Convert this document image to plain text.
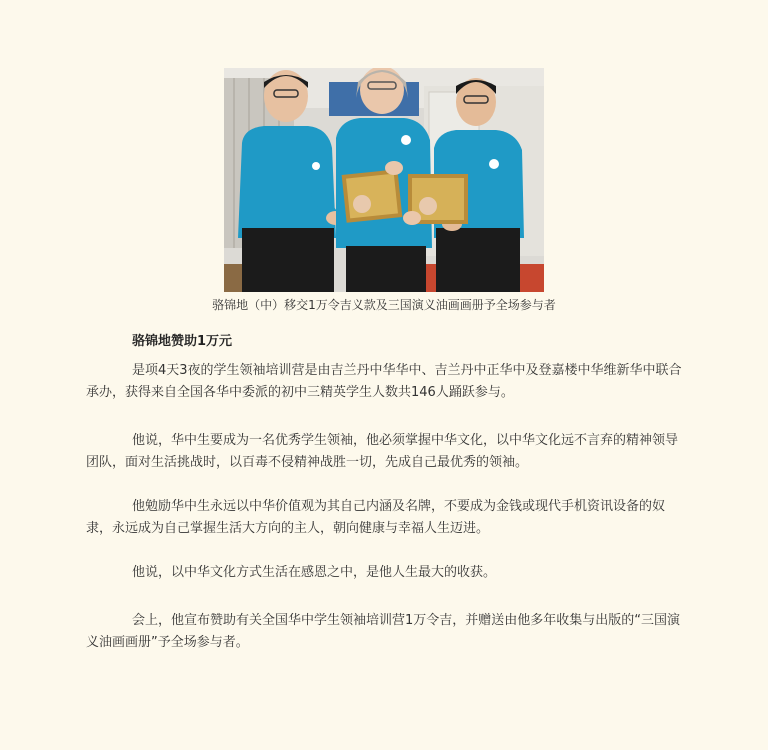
骆锦地（中）移交1万令吉义款及三国演义油画画册予全场参与者
骆锦地赞助1万元

是项4天3夜的学生领袖培训营是由吉兰丹中华华中、吉兰丹中正华中及登嘉楼中华维新华中联合承办，获得来自全国各华中委派的初中三精英学生人数共146人踊跃参与。

他说，华中生要成为一名优秀学生领袖，他必须掌握中华文化，以中华文化远不言弃的精神领导团队，面对生活挑战时，以百毒不侵精神战胜一切，先成自己最优秀的领袖。

他勉励华中生永远以中华价值观为其自己内涵及名牌，不要成为金钱或现代手机资讯设备的奴隶，永远成为自己掌握生活大方向的主人，朝向健康与幸福人生迈进。

他说，以中华文化方式生活在感恩之中，是他人生最大的收获。

会上，他宣布赞助有关全国华中学生领袖培训营1万令吉，并赠送由他多年收集与出版的“三国演义油画画册”予全场参与者。
